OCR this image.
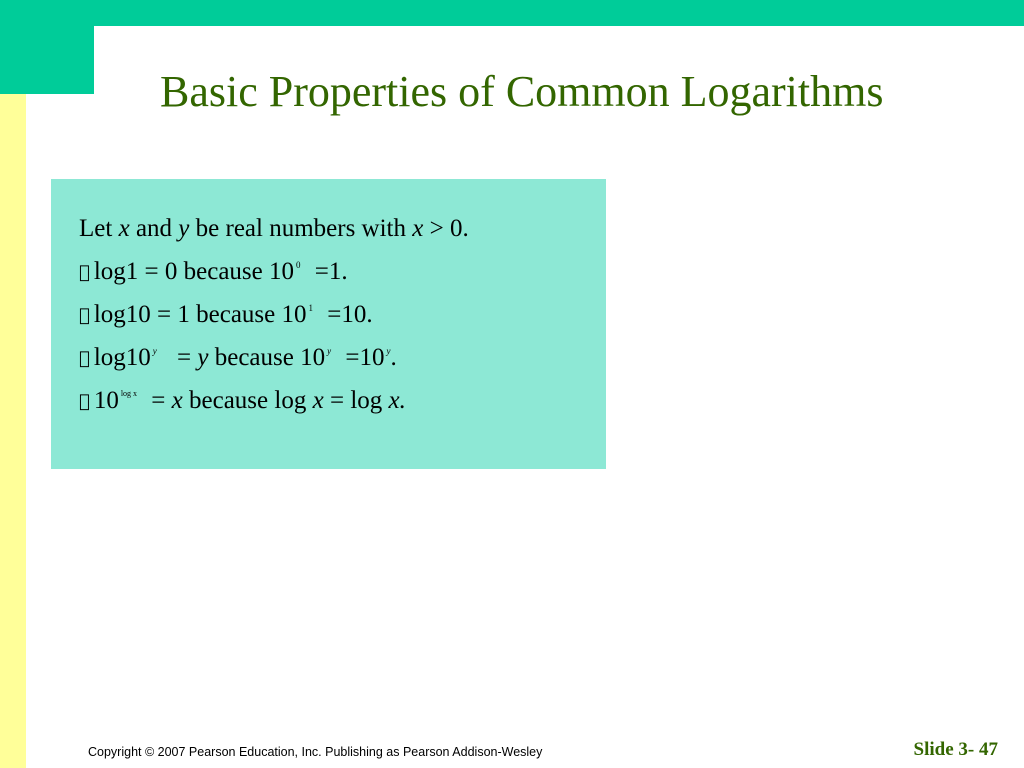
Basic Properties of Common Logarithms
Let x and y be real numbers with x > 0.
log1 = 0 because 10 0 =1.
log10 = 1 because 10 1 =10.
log10 y = y because 10 y =10 y.
10 log x = x because log x = log x.
Copyright © 2007 Pearson Education, Inc. Publishing as Pearson Addison-Wesley	Slide 3- 47
